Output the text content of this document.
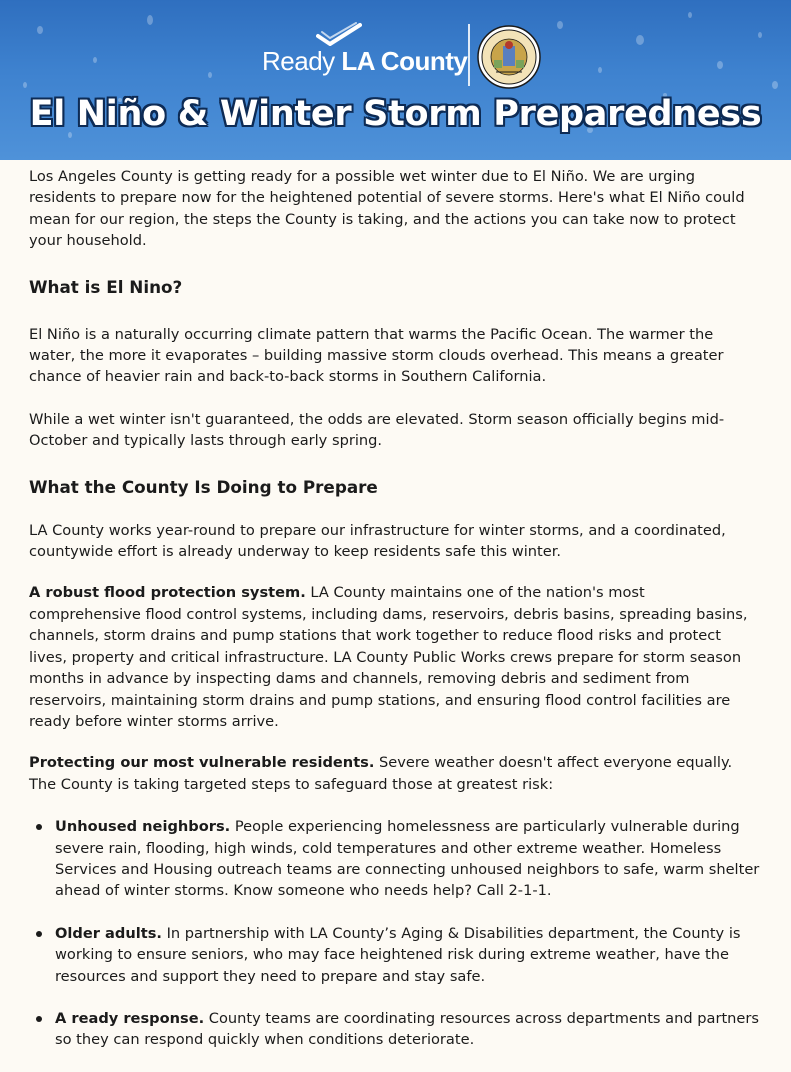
Ready LA County
El Niño & Winter Storm Preparedness

Los Angeles County is getting ready for a possible wet winter due to El Niño. We are urging residents to prepare now for the heightened potential of severe storms. Here's what El Niño could mean for our region, the steps the County is taking, and the actions you can take now to protect your household.

What is El Nino?

El Niño is a naturally occurring climate pattern that warms the Pacific Ocean. The warmer the water, the more it evaporates – building massive storm clouds overhead. This means a greater chance of heavier rain and back-to-back storms in Southern California.

While a wet winter isn't guaranteed, the odds are elevated. Storm season officially begins mid-October and typically lasts through early spring.

What the County Is Doing to Prepare

LA County works year-round to prepare our infrastructure for winter storms, and a coordinated, countywide effort is already underway to keep residents safe this winter.

A robust flood protection system. LA County maintains one of the nation's most comprehensive flood control systems, including dams, reservoirs, debris basins, spreading basins, channels, storm drains and pump stations that work together to reduce flood risks and protect lives, property and critical infrastructure. LA County Public Works crews prepare for storm season months in advance by inspecting dams and channels, removing debris and sediment from reservoirs, maintaining storm drains and pump stations, and ensuring flood control facilities are ready before winter storms arrive.

Protecting our most vulnerable residents. Severe weather doesn't affect everyone equally. The County is taking targeted steps to safeguard those at greatest risk:

Unhoused neighbors. People experiencing homelessness are particularly vulnerable during severe rain, flooding, high winds, cold temperatures and other extreme weather. Homeless Services and Housing outreach teams are connecting unhoused neighbors to safe, warm shelter ahead of winter storms. Know someone who needs help? Call 2-1-1.
Older adults. In partnership with LA County’s Aging & Disabilities department, the County is working to ensure seniors, who may face heightened risk during extreme weather, have the resources and support they need to prepare and stay safe.
A ready response. County teams are coordinating resources across departments and partners so they can respond quickly when conditions deteriorate.
